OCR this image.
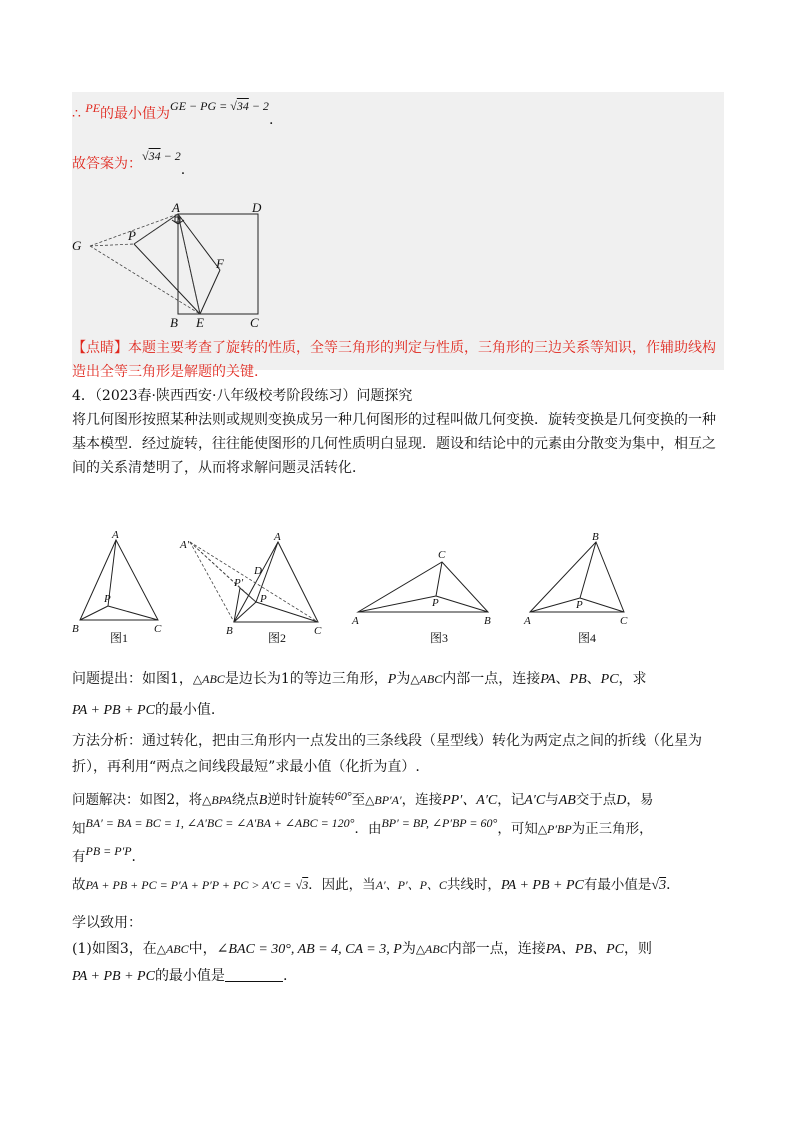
∴ PE的最小值为GE − PG = √34 − 2.
故答案为：√34 − 2.
A	D
G
P
F
B E	C
【点睛】本题主要考查了旋转的性质，全等三角形的判定与性质，三角形的三边关系等知识，作辅助线构
造出全等三角形是解题的关键.
4．（2023春·陕西西安·八年级校考阶段练习）问题探究
将几何图形按照某种法则或规则变换成另一种几何图形的过程叫做几何变换．旋转变换是几何变换的一种
基本模型．经过旋转，往往能使图形的几何性质明白显现．题设和结论中的元素由分散变为集中，相互之
间的关系清楚明了，从而将求解问题灵活转化．
A
B	C
P
图1
A
A′
D
P′
P
B	C
图2
C
A	B
P
图3
B
A	C
P
图4
问题提出：如图1，△ABC是边长为1的等边三角形，P为△ABC内部一点，连接PA、PB、PC，求
PA + PB + PC的最小值.
方法分析：通过转化，把由三角形内一点发出的三条线段（星型线）转化为两定点之间的折线（化星为
折），再利用“两点之间线段最短”求最小值（化折为直）.
问题解决：如图2，将△BPA绕点B逆时针旋转60°至△BP′A′，连接PP′、A′C，记A′C与AB交于点D，易
知BA′ = BA = BC = 1, ∠A′BC = ∠A′BA + ∠ABC = 120°．由BP′ = BP, ∠P′BP = 60°，可知△P′BP为正三角形，
有PB = P′P.
故PA + PB + PC = P′A + P′P + PC > A′C = √3．因此，当A′、P′、P、C共线时，PA + PB + PC有最小值是√3.
学以致用：
(1)如图3，在△ABC中，∠BAC = 30°, AB = 4, CA = 3, P为△ABC内部一点，连接PA、PB、PC，则
PA + PB + PC的最小值是	.
